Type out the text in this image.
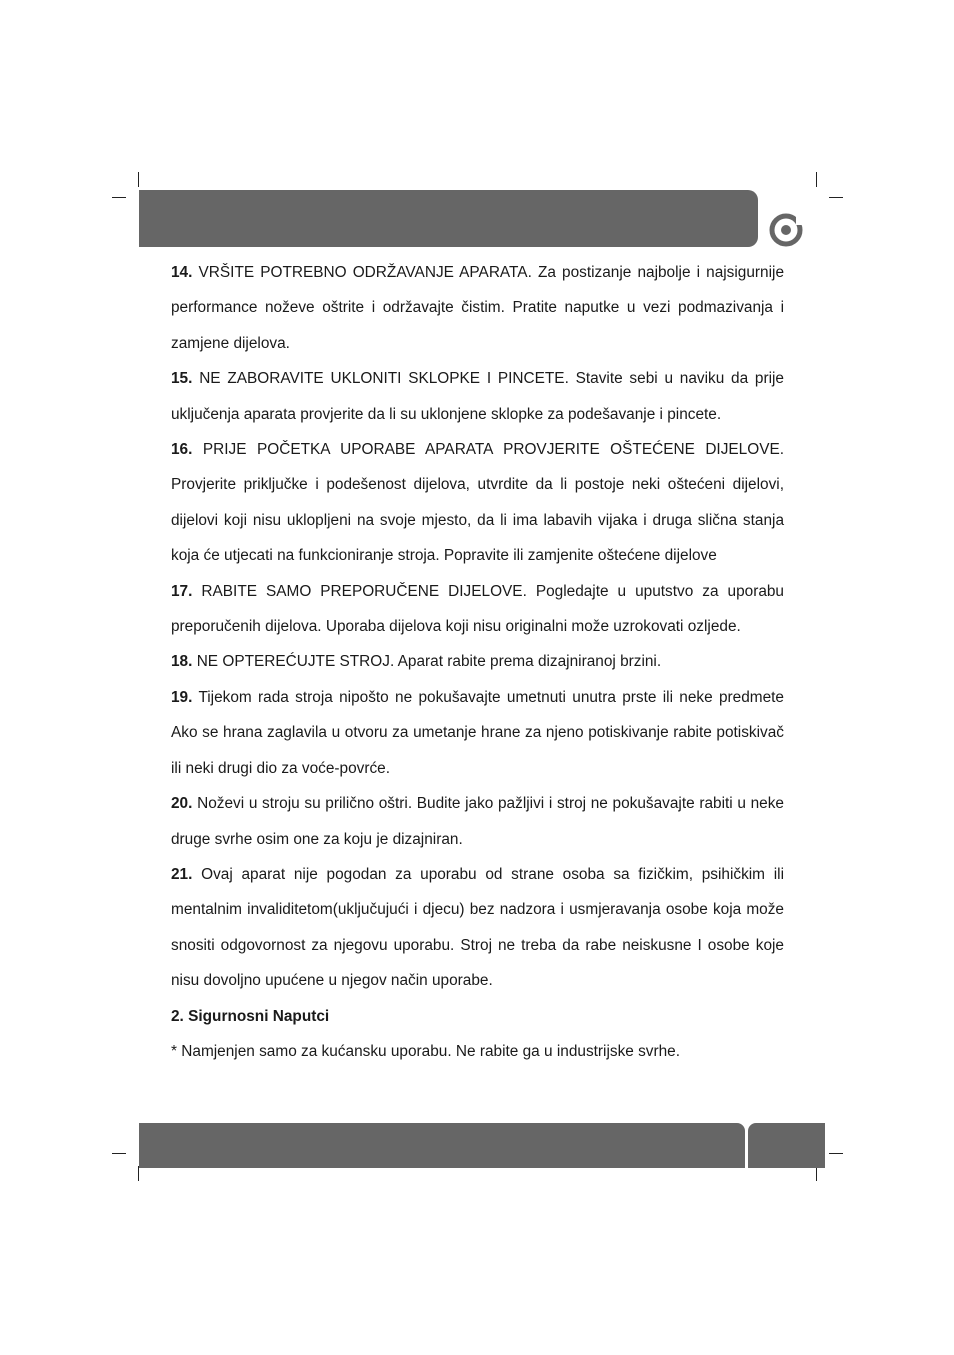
14. VRŠITE POTREBNO ODRŽAVANJE APARATA. Za postizanje najbolje i najsigurnije performance noževe oštrite i održavajte čistim. Pratite naputke u vezi podmazivanja i zamjene dijelova.

15. NE ZABORAVITE UKLONITI SKLOPKE I PINCETE. Stavite sebi u naviku da prije uključenja aparata provjerite da li su uklonjene sklopke za podešavanje i pincete.

16. PRIJE POČETKA UPORABE APARATA PROVJERITE OŠTEĆENE DIJELOVE. Provjerite priključke i podešenost dijelova, utvrdite da li postoje neki oštećeni dijelovi, dijelovi koji nisu uklopljeni na svoje mjesto, da li ima labavih vijaka i druga slična stanja koja će utjecati na funkcioniranje stroja. Popravite ili zamjenite oštećene dijelove

17. RABITE SAMO PREPORUČENE DIJELOVE. Pogledajte u uputstvo za uporabu preporučenih dijelova. Uporaba dijelova koji nisu originalni može uzrokovati ozljede.

18. NE OPTEREĆUJTE STROJ. Aparat rabite prema dizajniranoj brzini.

19. Tijekom rada stroja nipošto ne pokušavajte umetnuti unutra prste ili neke predmete Ako se hrana zaglavila u otvoru za umetanje hrane za njeno potiskivanje rabite potiskivač ili neki drugi dio za voće-povrće.

20. Noževi u stroju su prilično oštri. Budite jako pažljivi i stroj ne pokušavajte rabiti u neke druge svrhe osim one za koju je dizajniran.

21. Ovaj aparat nije pogodan za uporabu od strane osoba sa fizičkim, psihičkim ili mentalnim invaliditetom(uključujući i djecu) bez nadzora i usmjeravanja osobe koja može snositi odgovornost za njegovu uporabu. Stroj ne treba da rabe neiskusne I osobe koje nisu dovoljno upućene u njegov način uporabe.

2. Sigurnosni Naputci

* Namjenjen samo za kućansku uporabu. Ne rabite ga u industrijske svrhe.
